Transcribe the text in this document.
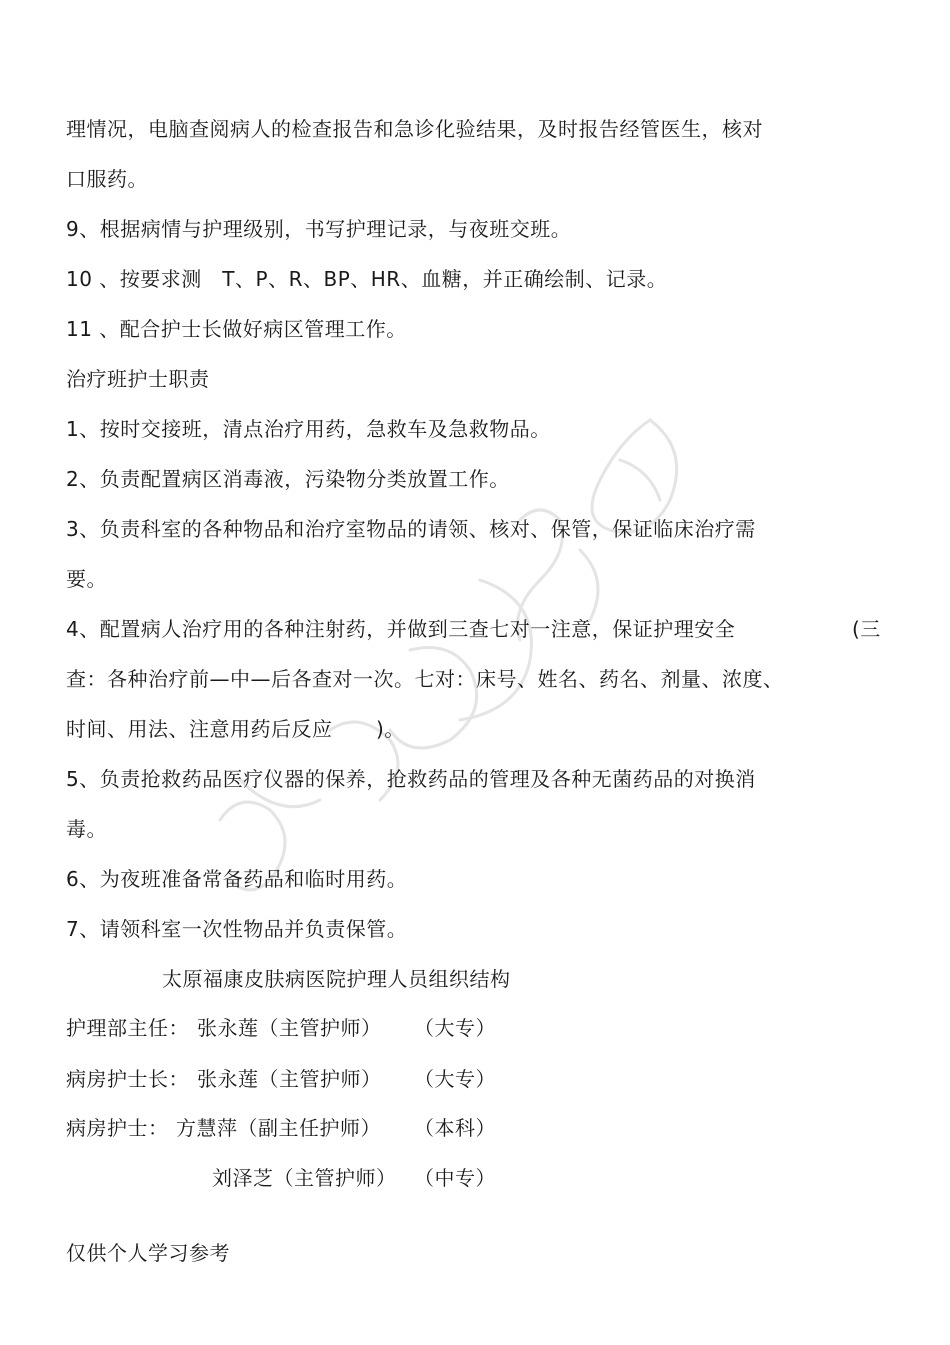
理情况，电脑查阅病人的检查报告和急诊化验结果，及时报告经管医生，核对
口服药。
9、根据病情与护理级别，书写护理记录，与夜班交班。
10 、按要求测　T、P、R、BP、HR、血糖，并正确绘制、记录。
11 、配合护士长做好病区管理工作。
治疗班护士职责
1、按时交接班，清点治疗用药，急救车及急救物品。
2、负责配置病区消毒液，污染物分类放置工作。
3、负责科室的各种物品和治疗室物品的请领、核对、保管，保证临床治疗需
要。
4、配置病人治疗用的各种注射药，并做到三查七对一注意，保证护理安全	(三
查：各种治疗前—中—后各查对一次。七对：床号、姓名、药名、剂量、浓度、
时间、用法、注意用药后反应 )。
5、负责抢救药品医疗仪器的保养，抢救药品的管理及各种无菌药品的对换消
毒。
6、为夜班准备常备药品和临时用药。
7、请领科室一次性物品并负责保管。
太原福康皮肤病医院护理人员组织结构
护理部主任： 张永莲（主管护师） （大专）
病房护士长： 张永莲（主管护师） （大专）
病房护士： 方慧萍（副主任护师） （本科）
刘泽芝（主管护师） （中专）
仅供个人学习参考
